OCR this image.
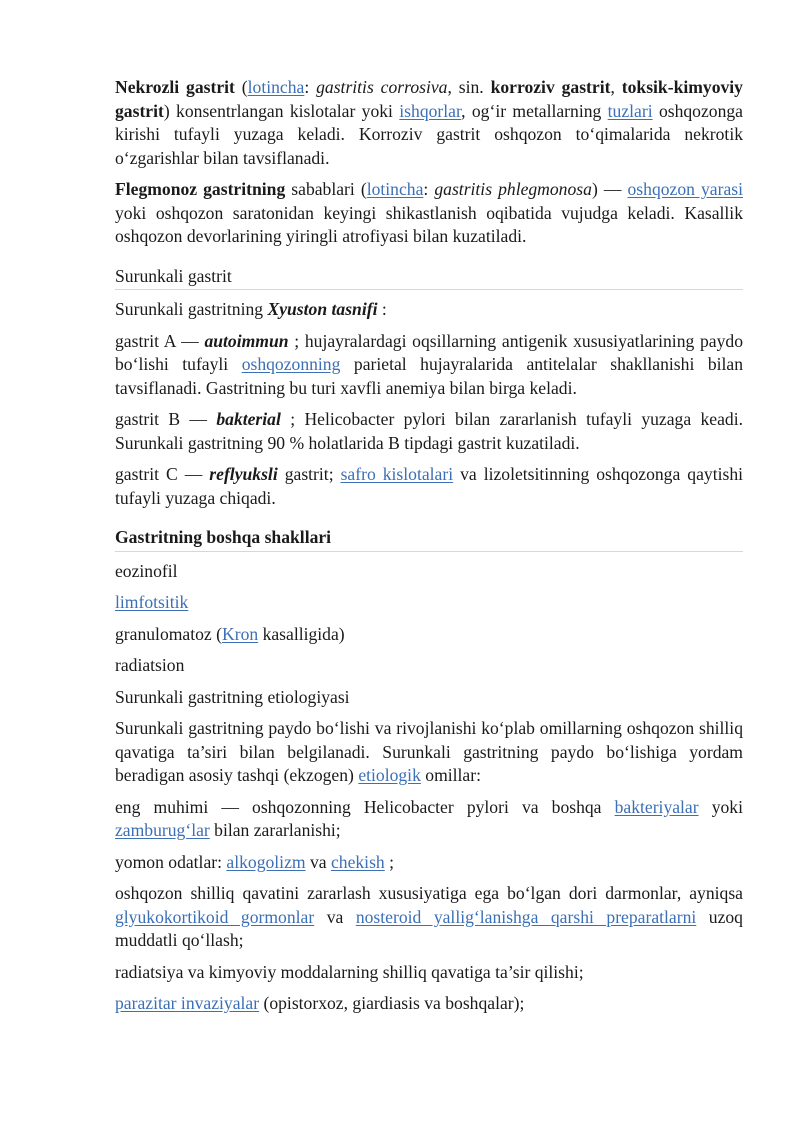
Nekrozli gastrit (lotincha: gastritis corrosiva, sin. korroziv gastrit, toksik-kimyoviy gastrit) konsentrlangan kislotalar yoki ishqorlar, og‘ir metallarning tuzlari oshqozonga kirishi tufayli yuzaga keladi. Korroziv gastrit oshqozon to‘qimalarida nekrotik o‘zgarishlar bilan tavsiflanadi.

Flegmonoz gastritning sabablari (lotincha: gastritis phlegmonosa) — oshqozon yarasi yoki oshqozon saratonidan keyingi shikastlanish oqibatida vujudga keladi. Kasallik oshqozon devorlarining yiringli atrofiyasi bilan kuzatiladi.

Surunkali gastrit

Surunkali gastritning Xyuston tasnifi :

gastrit A — autoimmun ; hujayralardagi oqsillarning antigenik xususiyatlarining paydo bo‘lishi tufayli oshqozonning parietal hujayralarida antitelalar shakllanishi bilan tavsiflanadi. Gastritning bu turi xavfli anemiya bilan birga keladi.

gastrit B — bakterial ; Helicobacter pylori bilan zararlanish tufayli yuzaga keadi. Surunkali gastritning 90 % holatlarida B tipdagi gastrit kuzatiladi.

gastrit C — reflyuksli gastrit; safro kislotalari va lizoletsitinning oshqozonga qaytishi tufayli yuzaga chiqadi.

Gastritning boshqa shakllari

eozinofil

limfotsitik

granulomatoz (Kron kasalligida)

radiatsion

Surunkali gastritning etiologiyasi

Surunkali gastritning paydo bo‘lishi va rivojlanishi ko‘plab omillarning oshqozon shilliq qavatiga ta’siri bilan belgilanadi. Surunkali gastritning paydo bo‘lishiga yordam beradigan asosiy tashqi (ekzogen) etiologik omillar:

eng muhimi — oshqozonning Helicobacter pylori va boshqa bakteriyalar yoki zamburug‘lar bilan zararlanishi;

yomon odatlar: alkogolizm va chekish ;

oshqozon shilliq qavatini zararlash xususiyatiga ega bo‘lgan dori darmonlar, ayniqsa glyukokortikoid gormonlar va nosteroid yallig‘lanishga qarshi preparatlarni uzoq muddatli qo‘llash;

radiatsiya va kimyoviy moddalarning shilliq qavatiga ta’sir qilishi;

parazitar invaziyalar (opistorxoz, giardiasis va boshqalar);
